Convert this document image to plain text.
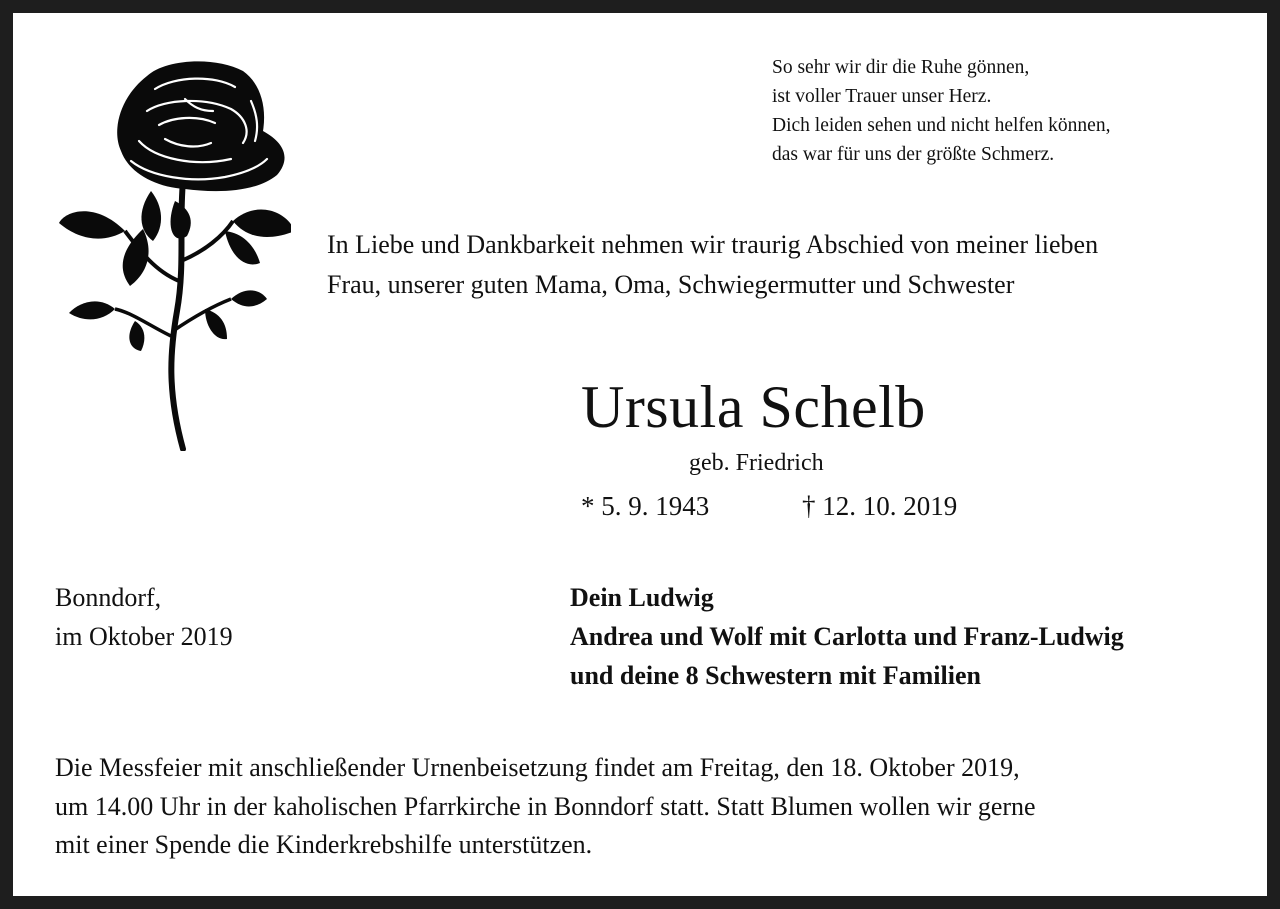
So sehr wir dir die Ruhe gönnen,
ist voller Trauer unser Herz.
Dich leiden sehen und nicht helfen können,
das war für uns der größte Schmerz.
In Liebe und Dankbarkeit nehmen wir traurig Abschied von meiner lieben
Frau, unserer guten Mama, Oma, Schwiegermutter und Schwester
Ursula Schelb
geb. Friedrich
* 5. 9. 1943	† 12. 10. 2019
Bonndorf,
im Oktober 2019
Dein Ludwig
Andrea und Wolf mit Carlotta und Franz-Ludwig
und deine 8 Schwestern mit Familien
Die Messfeier mit anschließender Urnenbeisetzung findet am Freitag, den 18. Oktober 2019,
um 14.00 Uhr in der kaholischen Pfarrkirche in Bonndorf statt. Statt Blumen wollen wir gerne
mit einer Spende die Kinderkrebshilfe unterstützen.
